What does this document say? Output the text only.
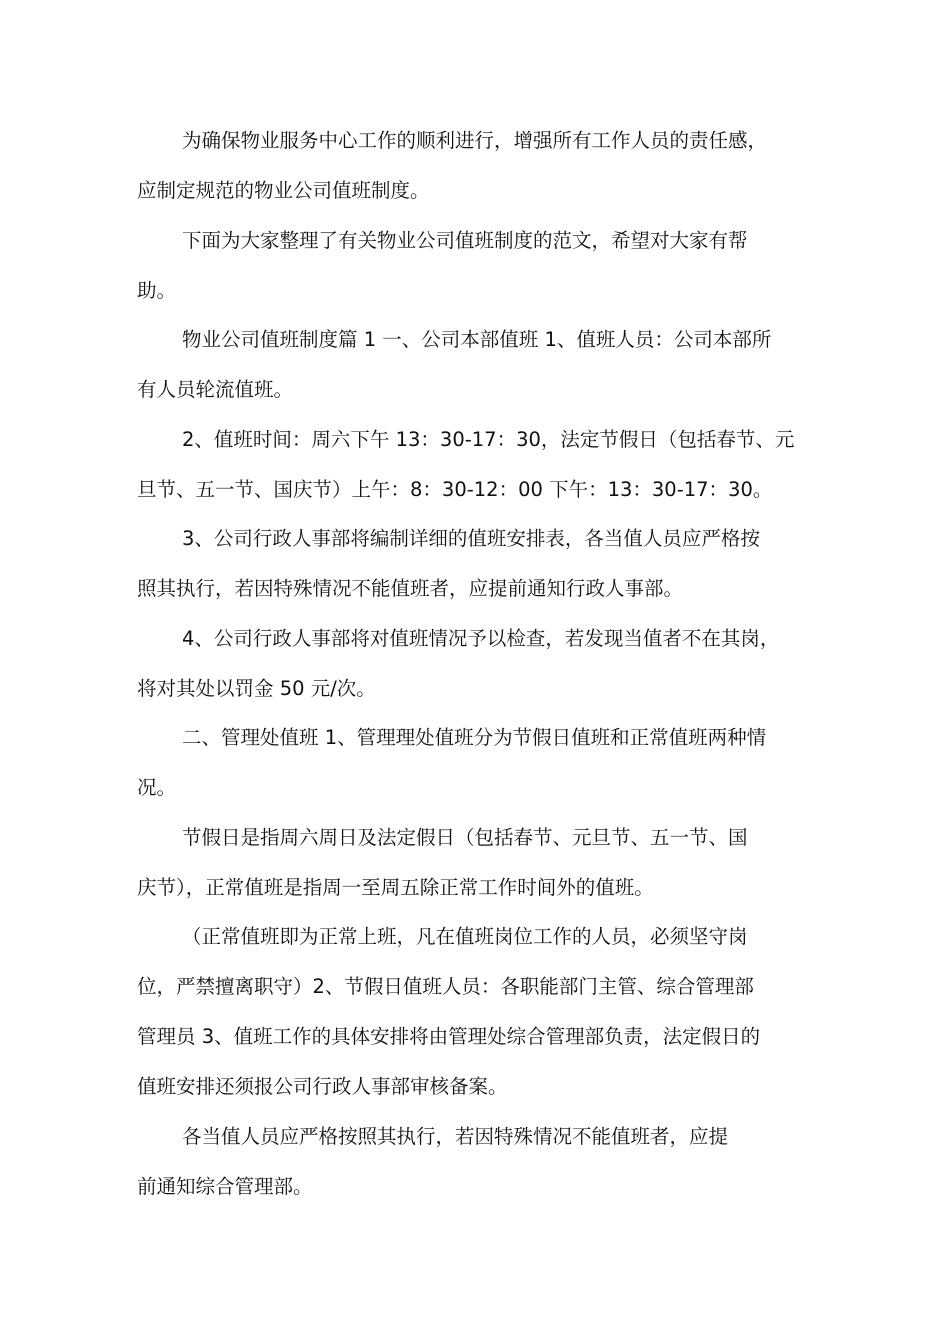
为确保物业服务中心工作的顺利进行，增强所有工作人员的责任感，
应制定规范的物业公司值班制度。

下面为大家整理了有关物业公司值班制度的范文，希望对大家有帮
助。

物业公司值班制度篇 1 一、公司本部值班 1、值班人员：公司本部所
有人员轮流值班。

2、值班时间：周六下午 13：30-17：30，法定节假日（包括春节、元
旦节、五一节、国庆节）上午：8：30-12：00 下午：13：30-17：30。

3、公司行政人事部将编制详细的值班安排表，各当值人员应严格按
照其执行，若因特殊情况不能值班者，应提前通知行政人事部。

4、公司行政人事部将对值班情况予以检查，若发现当值者不在其岗，
将对其处以罚金 50 元/次。

二、管理处值班 1、管理理处值班分为节假日值班和正常值班两种情
况。

节假日是指周六周日及法定假日（包括春节、元旦节、五一节、国
庆节），正常值班是指周一至周五除正常工作时间外的值班。

（正常值班即为正常上班，凡在值班岗位工作的人员，必须坚守岗
位，严禁擅离职守）2、节假日值班人员：各职能部门主管、综合管理部
管理员 3、值班工作的具体安排将由管理处综合管理部负责，法定假日的
值班安排还须报公司行政人事部审核备案。

各当值人员应严格按照其执行，若因特殊情况不能值班者，应提
前通知综合管理部。
